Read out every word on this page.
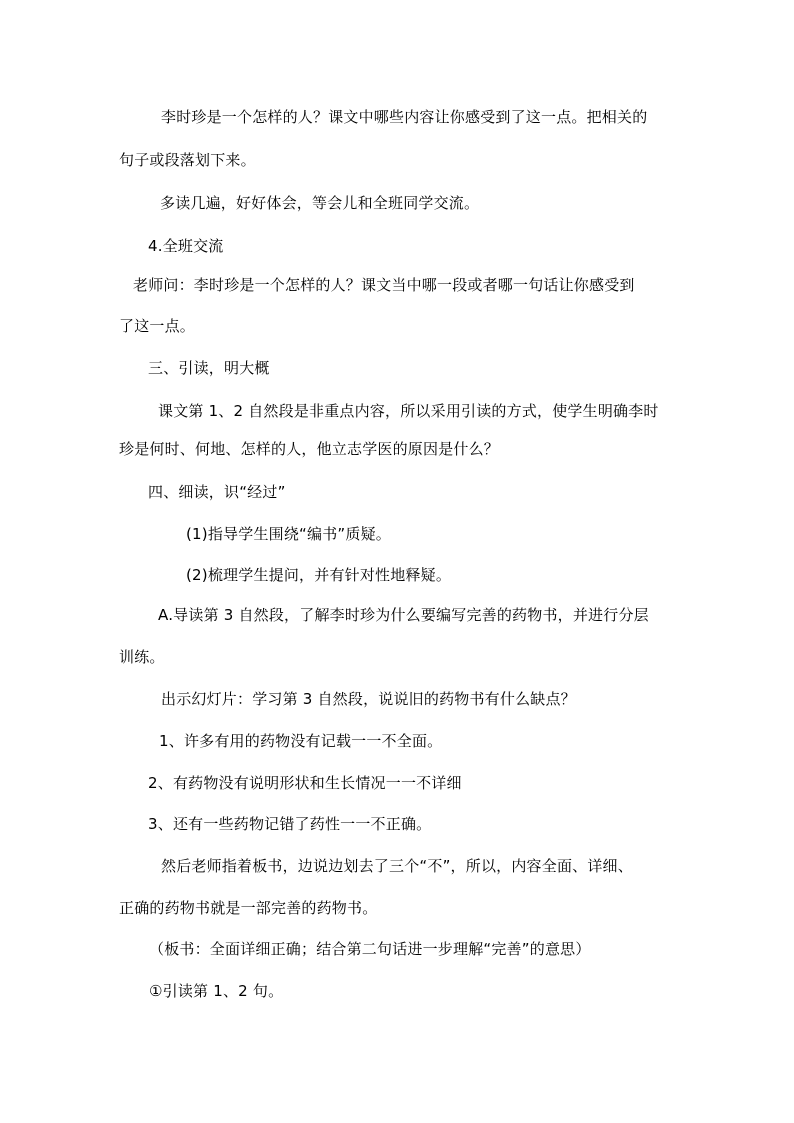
李时珍是一个怎样的人？课文中哪些内容让你感受到了这一点。把相关的
句子或段落划下来。
多读几遍，好好体会，等会儿和全班同学交流。
4.全班交流
老师问：李时珍是一个怎样的人？课文当中哪一段或者哪一句话让你感受到
了这一点。
三、引读，明大概
课文第 1、2 自然段是非重点内容，所以采用引读的方式，使学生明确李时
珍是何时、何地、怎样的人，他立志学医的原因是什么？
四、细读，识“经过”
(1)指导学生围绕“编书”质疑。
(2)梳理学生提问，并有针对性地释疑。
A.导读第 3 自然段，了解李时珍为什么要编写完善的药物书，并进行分层
训练。
出示幻灯片：学习第 3 自然段，说说旧的药物书有什么缺点？
1、许多有用的药物没有记载一一不全面。
2、有药物没有说明形状和生长情况一一不详细
3、还有一些药物记错了药性一一不正确。
然后老师指着板书，边说边划去了三个“不”，所以，内容全面、详细、
正确的药物书就是一部完善的药物书。
（板书：全面详细正确；结合第二句话进一步理解“完善”的意思）
①引读第 1、2 句。
